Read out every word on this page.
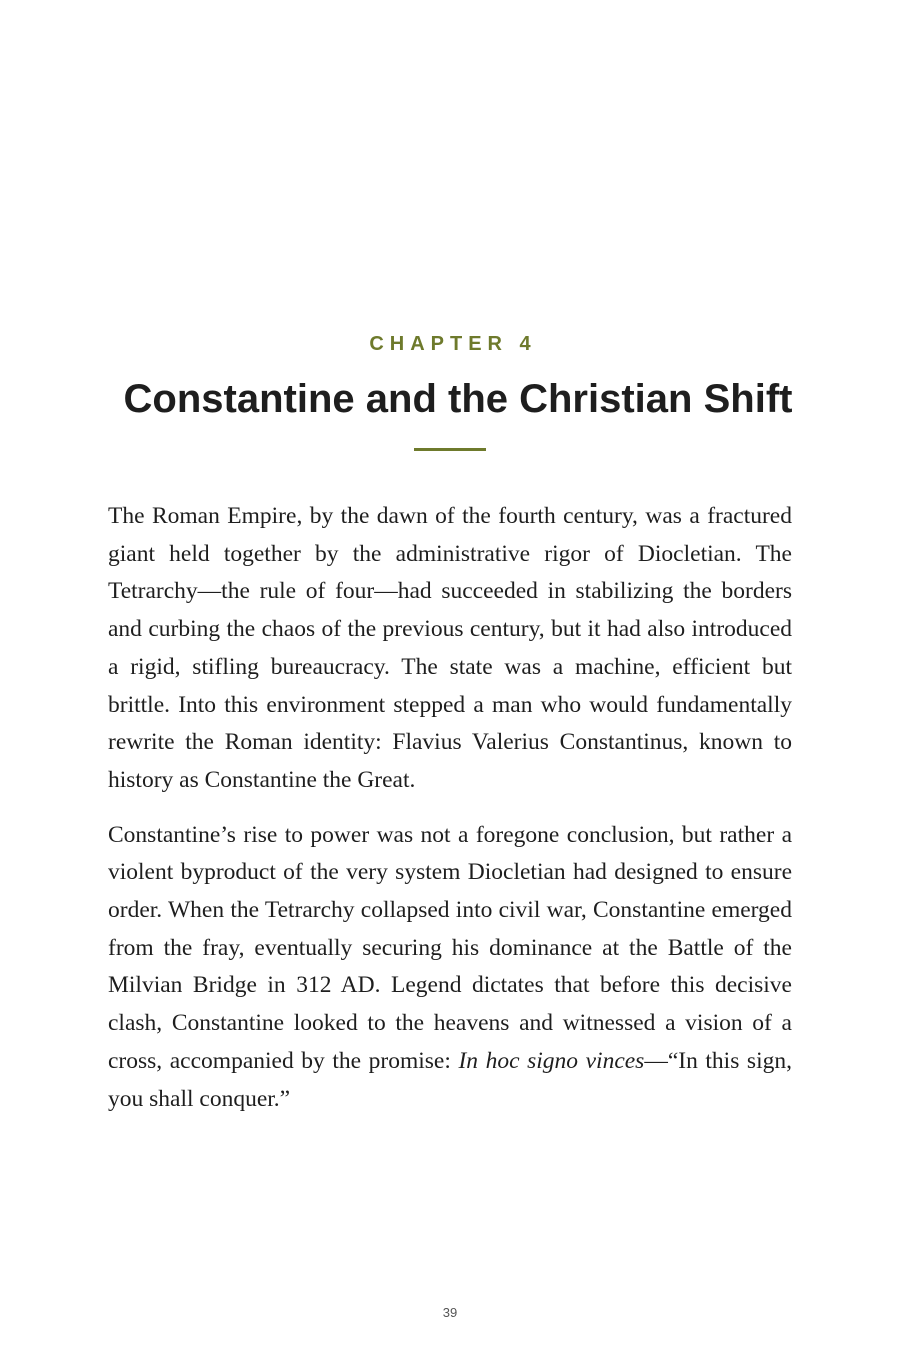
CHAPTER 4
Constantine and the Christian Shift

The Roman Empire, by the dawn of the fourth century, was a fractured giant held together by the administrative rigor of Diocletian. The Tetrarchy—the rule of four—had succeeded in stabilizing the borders and curbing the chaos of the previous century, but it had also introduced a rigid, stifling bureaucracy. The state was a machine, efficient but brittle. Into this environment stepped a man who would fundamentally rewrite the Roman identity: Flavius Valerius Constantinus, known to history as Constantine the Great.

Constantine’s rise to power was not a foregone conclusion, but rather a violent byproduct of the very system Diocletian had designed to ensure order. When the Tetrarchy collapsed into civil war, Constantine emerged from the fray, eventually securing his dominance at the Battle of the Milvian Bridge in 312 AD. Legend dictates that before this decisive clash, Constantine looked to the heavens and witnessed a vision of a cross, accompanied by the promise: In hoc signo vinces—“In this sign, you shall conquer.”

39
